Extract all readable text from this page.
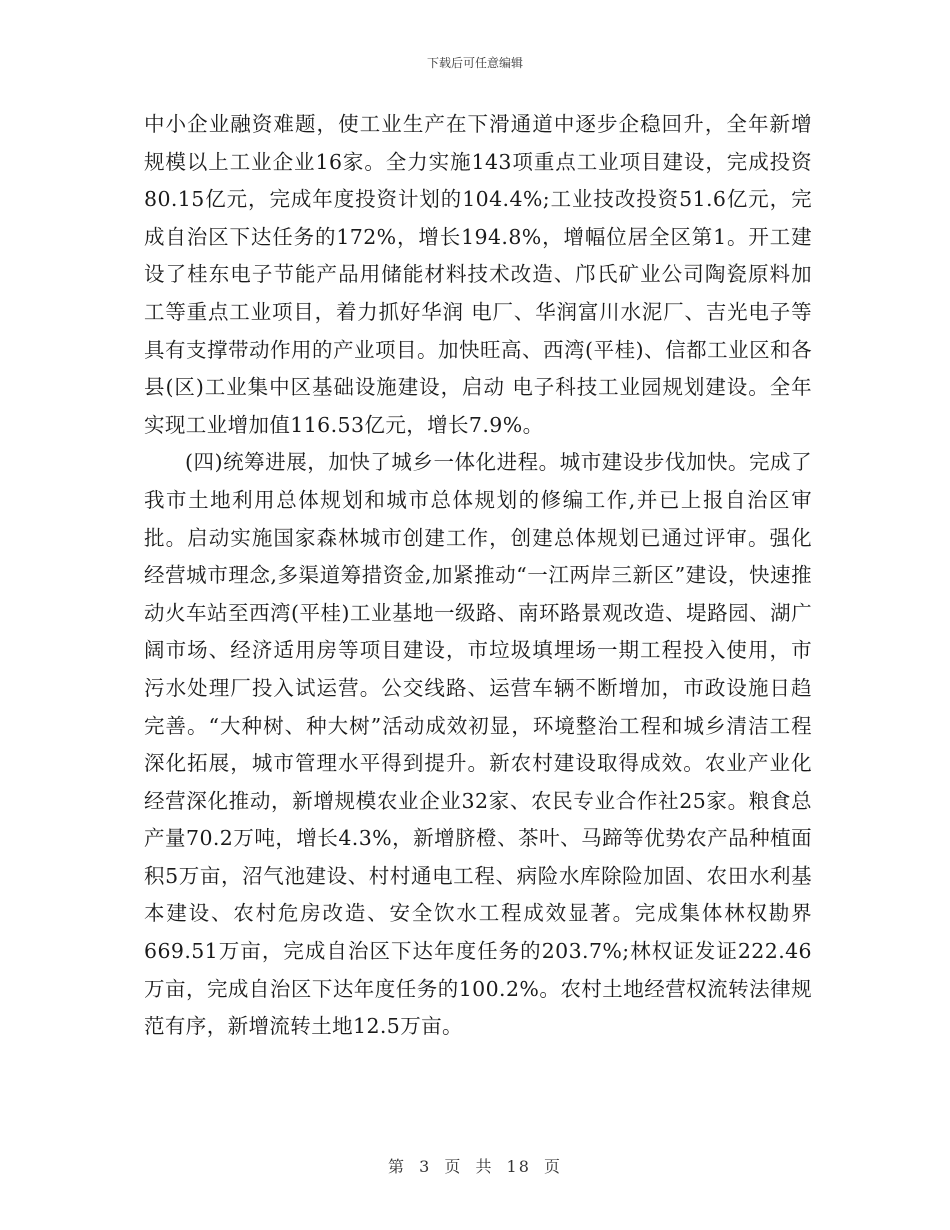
下载后可任意编辑

中小企业融资难题，使工业生产在下滑通道中逐步企稳回升，全年新增规模以上工业企业16家。全力实施143项重点工业项目建设，完成投资80.15亿元，完成年度投资计划的104.4%;工业技改投资51.6亿元，完成自治区下达任务的172%，增长194.8%，增幅位居全区第1。开工建设了桂东电子节能产品用储能材料技术改造、邝氏矿业公司陶瓷原料加工等重点工业项目，着力抓好华润 电厂、华润富川水泥厂、吉光电子等具有支撑带动作用的产业项目。加快旺高、西湾(平桂)、信都工业区和各县(区)工业集中区基础设施建设，启动 电子科技工业园规划建设。全年实现工业增加值116.53亿元，增长7.9%。

(四)统筹进展，加快了城乡一体化进程。城市建设步伐加快。完成了我市土地利用总体规划和城市总体规划的修编工作,并已上报自治区审批。启动实施国家森林城市创建工作，创建总体规划已通过评审。强化经营城市理念,多渠道筹措资金,加紧推动“一江两岸三新区”建设，快速推动火车站至西湾(平桂)工业基地一级路、南环路景观改造、堤路园、湖广阔市场、经济适用房等项目建设，市垃圾填埋场一期工程投入使用，市污水处理厂投入试运营。公交线路、运营车辆不断增加，市政设施日趋完善。“大种树、种大树”活动成效初显，环境整治工程和城乡清洁工程深化拓展，城市管理水平得到提升。新农村建设取得成效。农业产业化经营深化推动，新增规模农业企业32家、农民专业合作社25家。粮食总产量70.2万吨，增长4.3%，新增脐橙、茶叶、马蹄等优势农产品种植面积5万亩，沼气池建设、村村通电工程、病险水库除险加固、农田水利基本建设、农村危房改造、安全饮水工程成效显著。完成集体林权勘界669.51万亩，完成自治区下达年度任务的203.7%;林权证发证222.46万亩，完成自治区下达年度任务的100.2%。农村土地经营权流转法律规范有序，新增流转土地12.5万亩。

第 3 页 共 18 页
